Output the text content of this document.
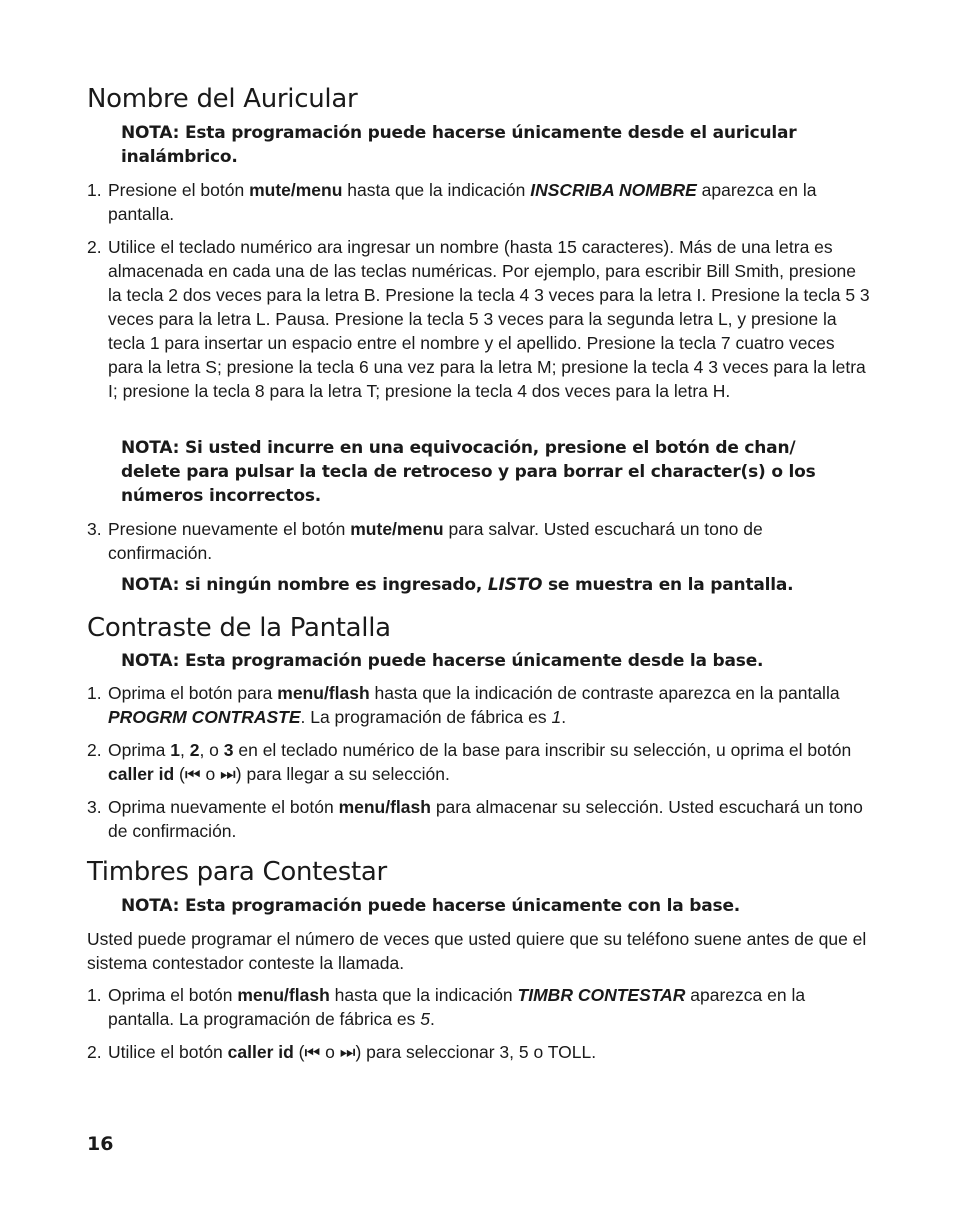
Nombre del Auricular

NOTA: Esta programación puede hacerse únicamente desde el auricular inalámbrico.

1. Presione el botón mute/menu hasta que la indicación INSCRIBA NOMBRE aparezca en la pantalla.
2. Utilice el teclado numérico ara ingresar un nombre (hasta 15 caracteres). Más de una letra es almacenada en cada una de las teclas numéricas. Por ejemplo, para escribir Bill Smith, presione la tecla 2 dos veces para la letra B. Presione la tecla 4 3 veces para la letra I. Presione la tecla 5 3 veces para la letra L. Pausa. Presione la tecla 5 3 veces para la segunda letra L, y presione la tecla 1 para insertar un espacio entre el nombre y el apellido. Presione la tecla 7 cuatro veces para la letra S; presione la tecla 6 una vez para la letra M; presione la tecla 4 3 veces para la letra I; presione la tecla 8 para la letra T; presione la tecla 4 dos veces para la letra H.

NOTA: Si usted incurre en una equivocación, presione el botón de chan/ delete para pulsar la tecla de retroceso y para borrar el character(s) o los números incorrectos.

3. Presione nuevamente el botón mute/menu para salvar. Usted escuchará un tono de confirmación.

NOTA: si ningún nombre es ingresado, LISTO se muestra en la pantalla.

Contraste de la Pantalla

NOTA: Esta programación puede hacerse únicamente desde la base.

1. Oprima el botón para menu/flash hasta que la indicación de contraste aparezca en la pantalla PROGRM CONTRASTE. La programación de fábrica es 1.
2. Oprima 1, 2, o 3 en el teclado numérico de la base para inscribir su selección, u oprima el botón caller id (⏮ o ⏭) para llegar a su selección.
3. Oprima nuevamente el botón menu/flash para almacenar su selección. Usted escuchará un tono de confirmación.
Timbres para Contestar

NOTA: Esta programación puede hacerse únicamente con la base.

Usted puede programar el número de veces que usted quiere que su teléfono suene antes de que el sistema contestador conteste la llamada.

1. Oprima el botón menu/flash hasta que la indicación TIMBR CONTESTAR aparezca en la pantalla. La programación de fábrica es 5.
2. Utilice el botón caller id (⏮ o ⏭) para seleccionar 3, 5 o TOLL.

16
